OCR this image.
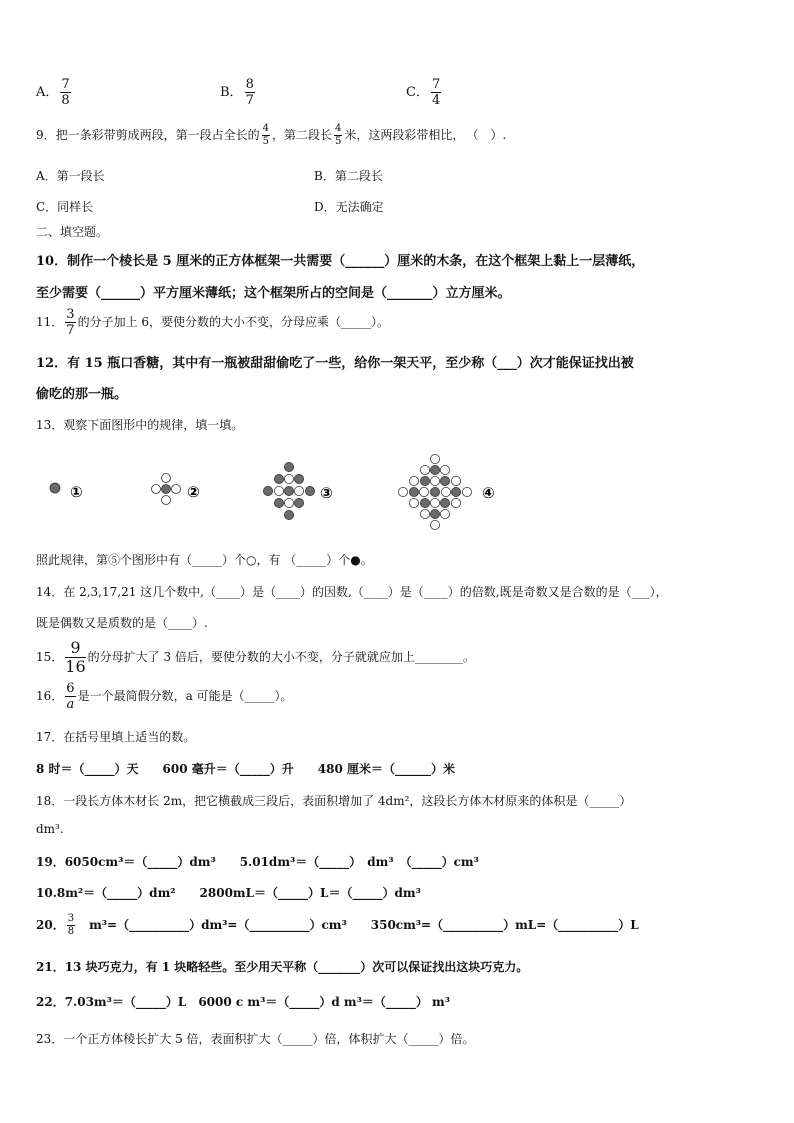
A． $\frac{7}{8}$	B． $\frac{8}{7}$	C． $\frac{7}{4}$
9．把一条彩带剪成两段，第一段占全长的 $\frac{4}{5}$ ，第二段长 $\frac{4}{5}$ 米，这两段彩带相比， （　）.
A．第一段长	B．第二段长
C．同样长	D．无法确定
二、填空题。
10．制作一个棱长是 5 厘米的正方体框架一共需要（______）厘米的木条，在这个框架上黏上一层薄纸，
至少需要（______）平方厘米薄纸；这个框架所占的空间是（_______）立方厘米。
11． $\frac{3}{7}$ 的分子加上 6，要使分数的大小不变，分母应乘（_____）。
12．有 15 瓶口香糖，其中有一瓶被甜甜偷吃了一些，给你一架天平，至少称（___）次才能保证找出被
偷吃的那一瓶。
13．观察下面图形中的规律，填一填。
①	②	③	④
照此规律，第⑤个图形中有（_____）个○，有 （_____）个●。
14．在 2,3,17,21 这几个数中,（____）是（____）的因数,（____）是（____）的倍数,既是奇数又是合数的是（___），
既是偶数又是质数的是（____）.
15． $\frac{9}{16}$ 的分母扩大了 3 倍后，要使分数的大小不变，分子就就应加上________。
16． $\frac{6}{a}$ 是一个最简假分数，a 可能是（_____）。
17．在括号里填上适当的数。
8 时＝（_____）天　　600 毫升＝（_____）升　　480 厘米＝（______）米
18．一段长方体木材长 2m，把它横截成三段后，表面积增加了 4dm²，这段长方体木材原来的体积是（_____）
dm³.
19．6050cm³＝（_____）dm³　　5.01dm³＝（_____）　dm³　（_____）cm³
10.8m²＝（_____）dm²　　2800mL＝（_____）L＝（_____）dm³
20． $\frac{3}{8}$ 　m³=（__________）dm³=（__________）cm³　　350cm³=（__________）mL=（__________）L
21．13 块巧克力，有 1 块略轻些。至少用天平称（_______）次可以保证找出这块巧克力。
22．7.03m³＝（_____）L　6000 c m³＝（_____）d m³＝（_____） m³
23．一个正方体棱长扩大 5 倍，表面积扩大（_____）倍，体积扩大（_____）倍。
